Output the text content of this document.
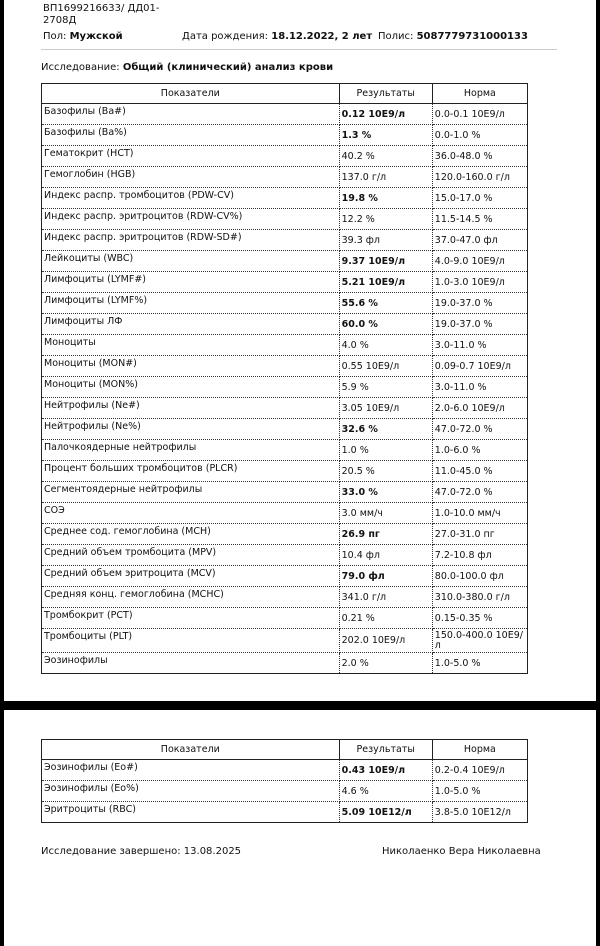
ВП1699216633/ ДД01-
2708Д
Пол: Мужской	Дата рождения: 18.12.2022, 2 лет Полис: 5087779731000133
Исследование: Общий (клинический) анализ крови
Показатели	Результаты	Норма
Базофилы (Ba#)	0.12 10E9/л	0.0-0.1 10E9/л
Базофилы (Ba%)	1.3 %	0.0-1.0 %
Гематокрит (HCT)	40.2 %	36.0-48.0 %
Гемоглобин (HGB)	137.0 г/л	120.0-160.0 г/л
Индекс распр. тромбоцитов (PDW-CV)	19.8 %	15.0-17.0 %
Индекс распр. эритроцитов (RDW-CV%)	12.2 %	11.5-14.5 %
Индекс распр. эритроцитов (RDW-SD#)	39.3 фл	37.0-47.0 фл
Лейкоциты (WBC)	9.37 10E9/л	4.0-9.0 10E9/л
Лимфоциты (LYMF#)	5.21 10E9/л	1.0-3.0 10E9/л
Лимфоциты (LYMF%)	55.6 %	19.0-37.0 %
Лимфоциты ЛФ	60.0 %	19.0-37.0 %
Моноциты	4.0 %	3.0-11.0 %
Моноциты (MON#)	0.55 10E9/л	0.09-0.7 10E9/л
Моноциты (MON%)	5.9 %	3.0-11.0 %
Нейтрофилы (Ne#)	3.05 10E9/л	2.0-6.0 10E9/л
Нейтрофилы (Ne%)	32.6 %	47.0-72.0 %
Палочкоядерные нейтрофилы	1.0 %	1.0-6.0 %
Процент больших тромбоцитов (PLCR)	20.5 %	11.0-45.0 %
Сегментоядерные нейтрофилы	33.0 %	47.0-72.0 %
СОЭ	3.0 мм/ч	1.0-10.0 мм/ч
Среднее сод. гемоглобина (MCH)	26.9 пг	27.0-31.0 пг
Средний объем тромбоцита (MPV)	10.4 фл	7.2-10.8 фл
Средний объем эритроцита (MCV)	79.0 фл	80.0-100.0 фл
Средняя конц. гемоглобина (MCHC)	341.0 г/л	310.0-380.0 г/л
Тромбокрит (PCT)	0.21 %	0.15-0.35 %
Тромбоциты (PLT)	202.0 10E9/л	150.0-400.0 10E9/л
Эозинофилы	2.0 %	1.0-5.0 %
Показатели	Результаты	Норма
Эозинофилы (Eo#)	0.43 10E9/л	0.2-0.4 10E9/л
Эозинофилы (Eo%)	4.6 %	1.0-5.0 %
Эритроциты (RBC)	5.09 10E12/л	3.8-5.0 10E12/л
Исследование завершено: 13.08.2025	Николаенко Вера Николаевна
